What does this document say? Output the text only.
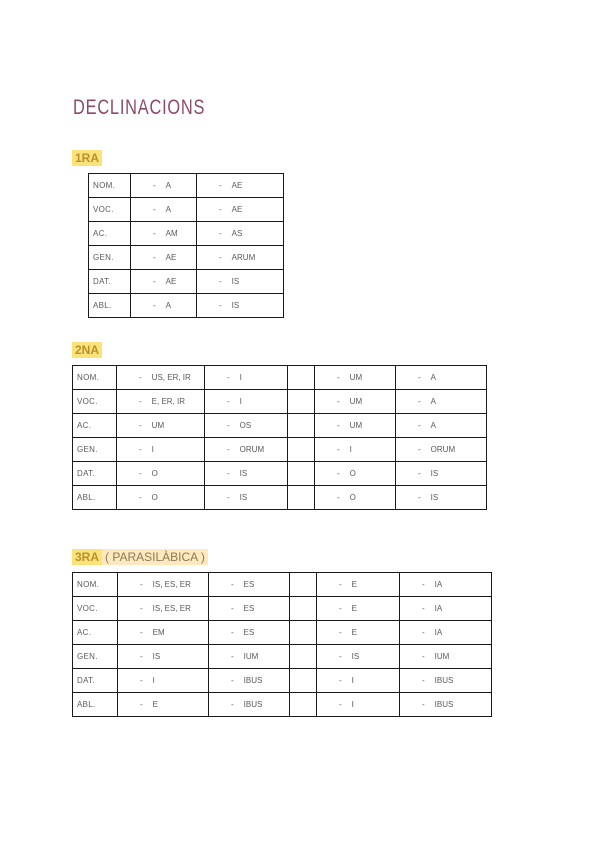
DECLINACIONS
1RA
NOM.	- A	- AE
VOC.	- A	- AE
AC.	- AM	- AS
GEN.	- AE	- ARUM
DAT.	- AE	- IS
ABL.	- A	- IS
2NA
NOM.	- US, ER, IR	- I		- UM	- A
VOC.	- E, ER, IR	- I		- UM	- A
AC.	- UM	- OS		- UM	- A
GEN.	- I	- ORUM		- I	- ORUM
DAT.	- O	- IS		- O	- IS
ABL.	- O	- IS		- O	- IS
3RA ( PARASILÀBICA )
NOM.	- IS, ES, ER	- ES		- E	- IA
VOC.	- IS, ES, ER	- ES		- E	- IA
AC.	- EM	- ES		- E	- IA
GEN.	- IS	- IUM		- IS	- IUM
DAT.	- I	- IBUS		- I	- IBUS
ABL.	- E	- IBUS		- I	- IBUS
